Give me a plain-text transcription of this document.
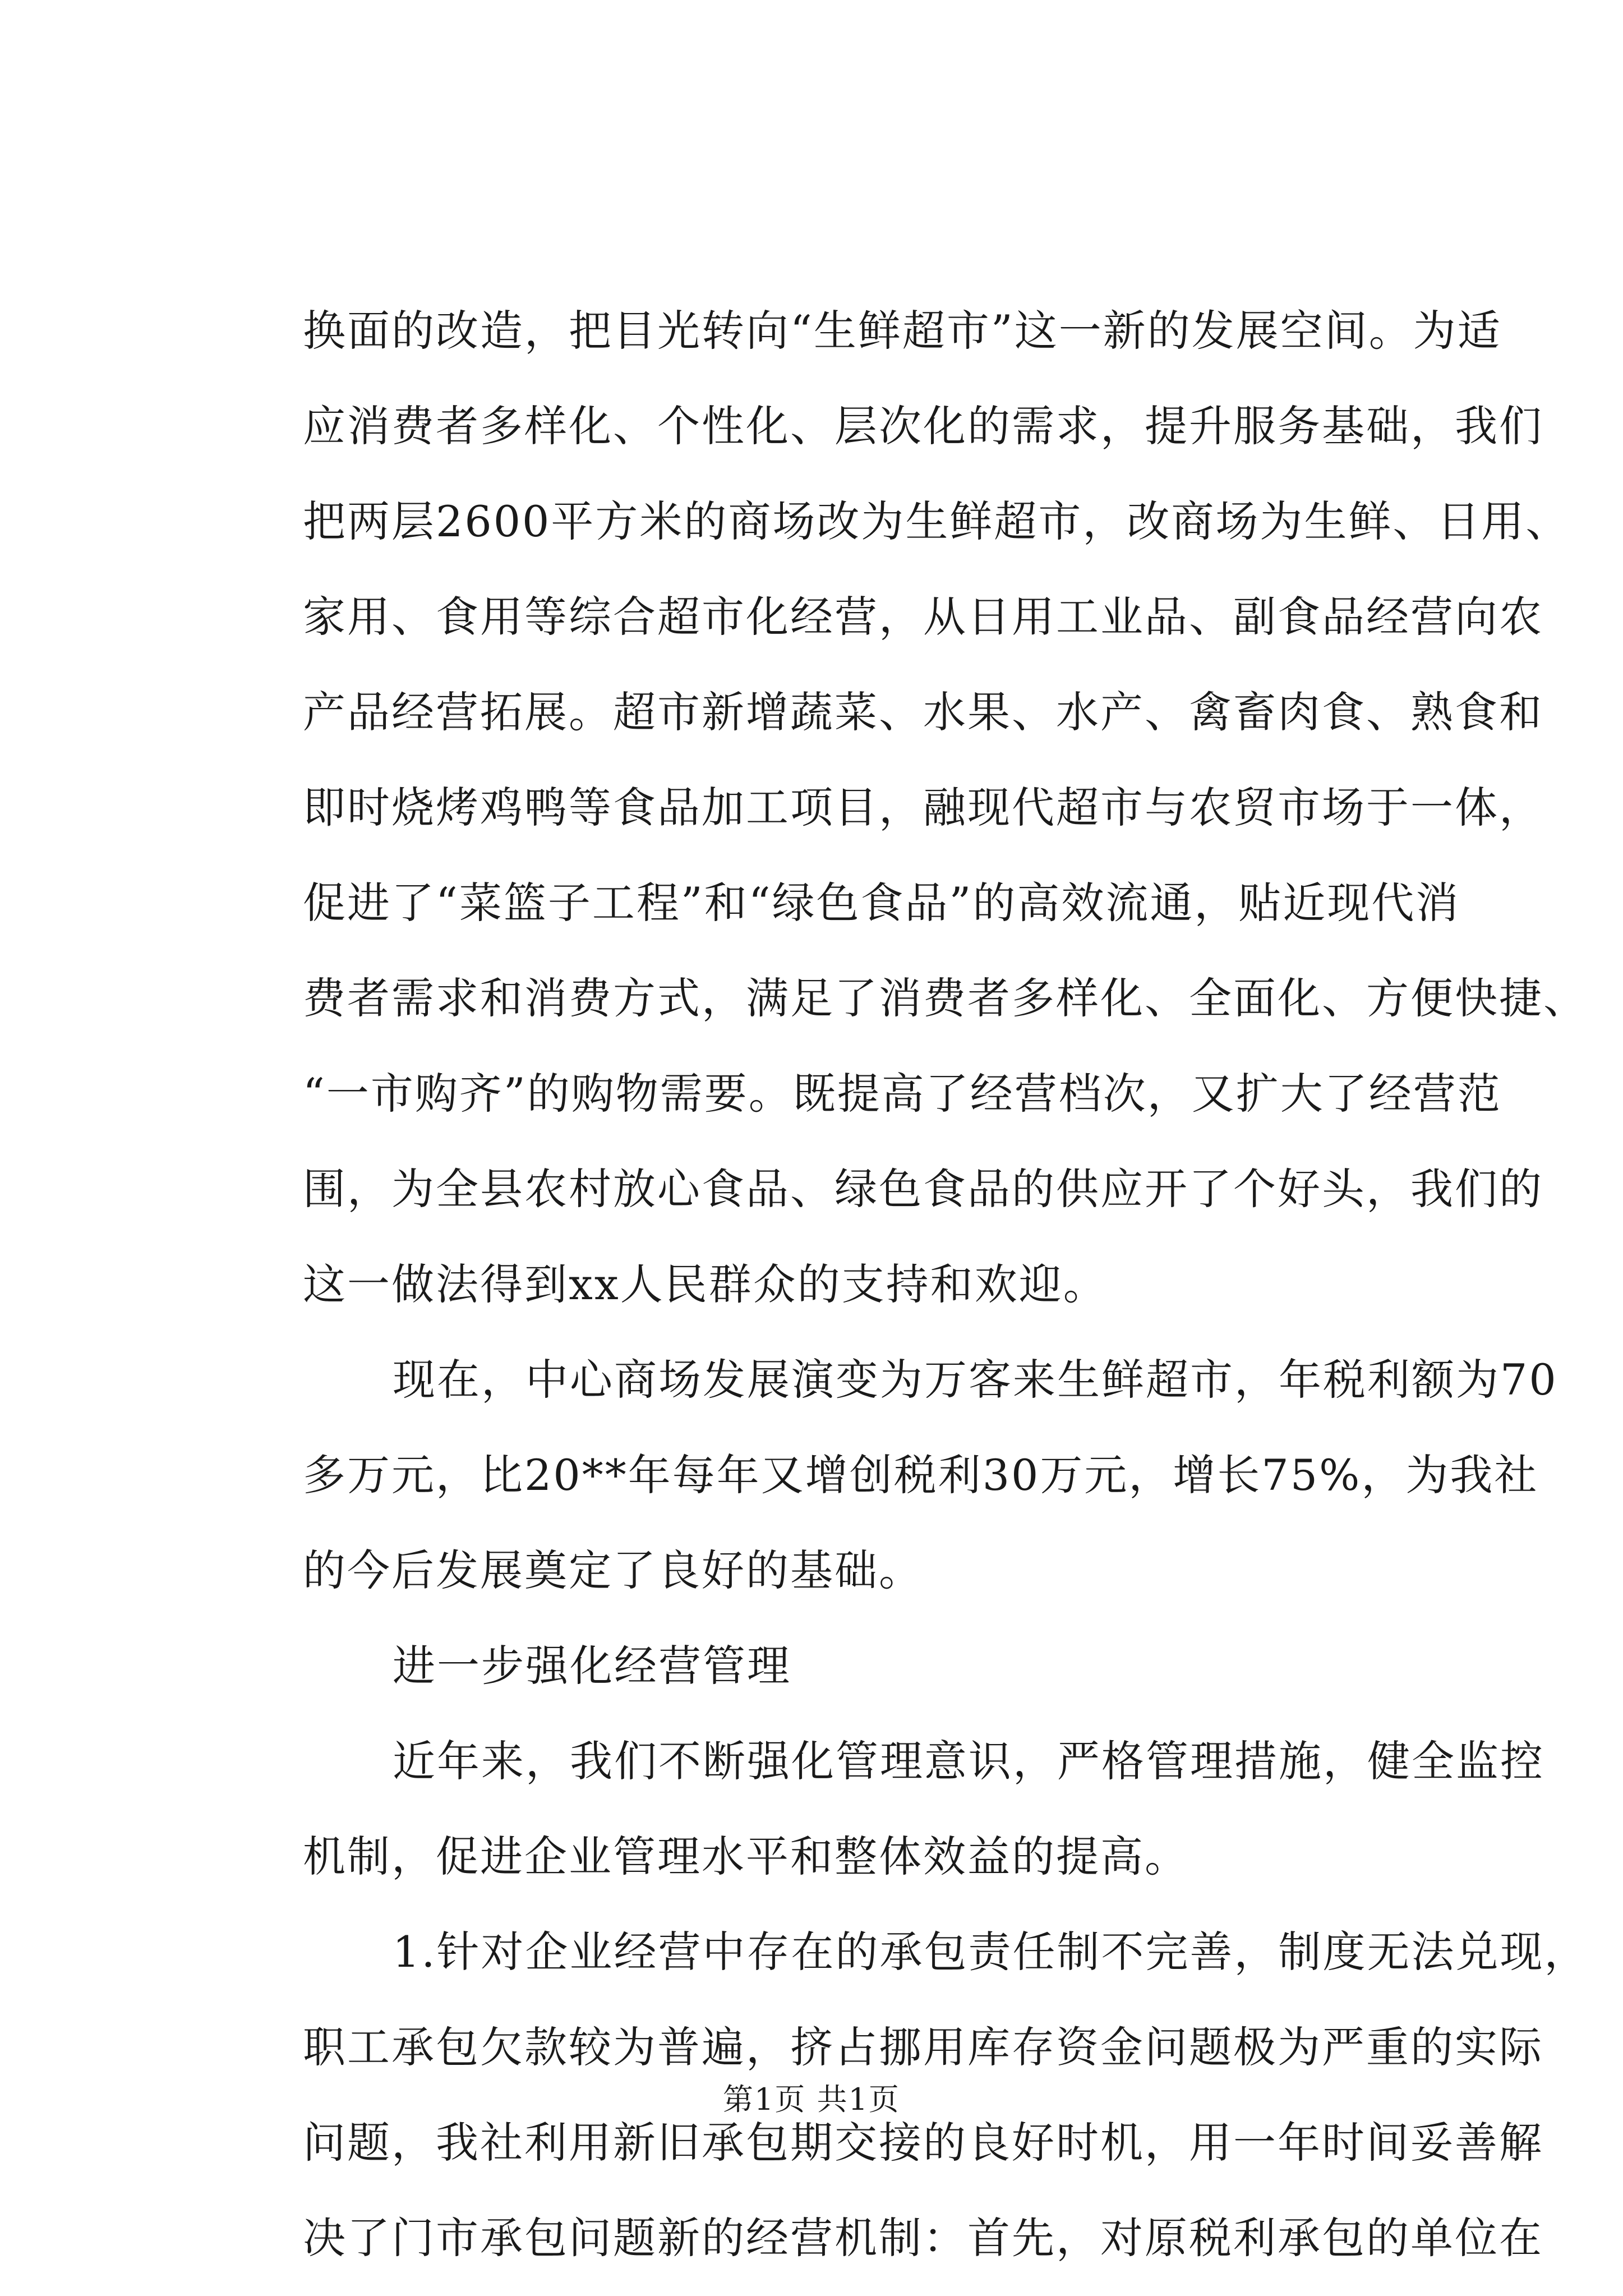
换面的改造，把目光转向“生鲜超市”这一新的发展空间。为适
应消费者多样化、个性化、层次化的需求，提升服务基础，我们
把两层2600平方米的商场改为生鲜超市，改商场为生鲜、日用、
家用、食用等综合超市化经营，从日用工业品、副食品经营向农
产品经营拓展。超市新增蔬菜、水果、水产、禽畜肉食、熟食和
即时烧烤鸡鸭等食品加工项目，融现代超市与农贸市场于一体，
促进了“菜篮子工程”和“绿色食品”的高效流通，贴近现代消
费者需求和消费方式，满足了消费者多样化、全面化、方便快捷、
“一市购齐”的购物需要。既提高了经营档次，又扩大了经营范
围，为全县农村放心食品、绿色食品的供应开了个好头，我们的
这一做法得到xx人民群众的支持和欢迎。

现在，中心商场发展演变为万客来生鲜超市，年税利额为70
多万元，比20**年每年又增创税利30万元，增长75%，为我社
的今后发展奠定了良好的基础。

进一步强化经营管理

近年来，我们不断强化管理意识，严格管理措施，健全监控
机制，促进企业管理水平和整体效益的提高。

1.针对企业经营中存在的承包责任制不完善，制度无法兑现，
职工承包欠款较为普遍，挤占挪用库存资金问题极为严重的实际
问题，我社利用新旧承包期交接的良好时机，用一年时间妥善解
决了门市承包问题新的经营机制：首先，对原税利承包的单位在

第1页 共1页
